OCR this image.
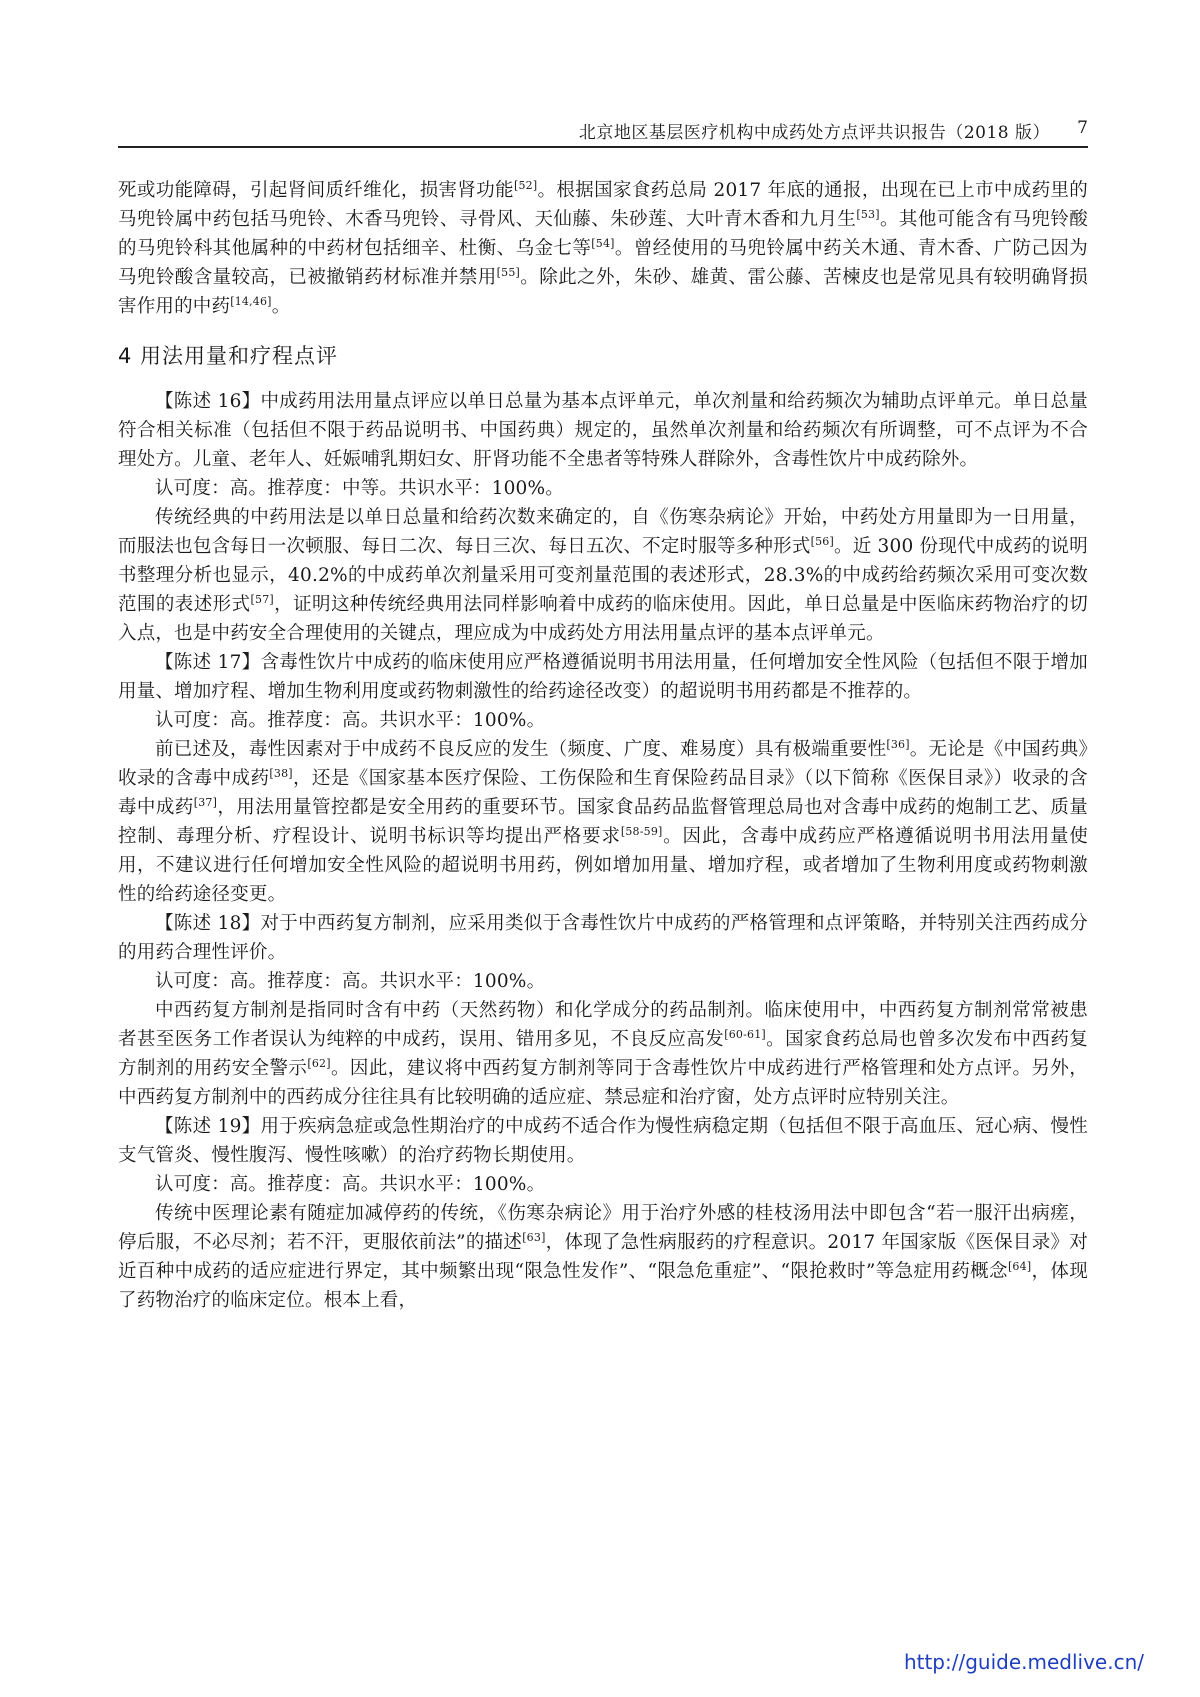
北京地区基层医疗机构中成药处方点评共识报告（2018 版） 7

死或功能障碍，引起肾间质纤维化，损害肾功能[52]。根据国家食药总局 2017 年底的通报，出现在已上市中成药里的马兜铃属中药包括马兜铃、木香马兜铃、寻骨风、天仙藤、朱砂莲、大叶青木香和九月生[53]。其他可能含有马兜铃酸的马兜铃科其他属种的中药材包括细辛、杜衡、乌金七等[54]。曾经使用的马兜铃属中药关木通、青木香、广防己因为马兜铃酸含量较高，已被撤销药材标准并禁用[55]。除此之外，朱砂、雄黄、雷公藤、苦楝皮也是常见具有较明确肾损害作用的中药[14,46]。

4 用法用量和疗程点评

【陈述 16】中成药用法用量点评应以单日总量为基本点评单元，单次剂量和给药频次为辅助点评单元。单日总量符合相关标准（包括但不限于药品说明书、中国药典）规定的，虽然单次剂量和给药频次有所调整，可不点评为不合理处方。儿童、老年人、妊娠哺乳期妇女、肝肾功能不全患者等特殊人群除外，含毒性饮片中成药除外。

认可度：高。推荐度：中等。共识水平：100%。

传统经典的中药用法是以单日总量和给药次数来确定的，自《伤寒杂病论》开始，中药处方用量即为一日用量，而服法也包含每日一次顿服、每日二次、每日三次、每日五次、不定时服等多种形式[56]。近 300 份现代中成药的说明书整理分析也显示，40.2%的中成药单次剂量采用可变剂量范围的表述形式，28.3%的中成药给药频次采用可变次数范围的表述形式[57]，证明这种传统经典用法同样影响着中成药的临床使用。因此，单日总量是中医临床药物治疗的切入点，也是中药安全合理使用的关键点，理应成为中成药处方用法用量点评的基本点评单元。

【陈述 17】含毒性饮片中成药的临床使用应严格遵循说明书用法用量，任何增加安全性风险（包括但不限于增加用量、增加疗程、增加生物利用度或药物刺激性的给药途径改变）的超说明书用药都是不推荐的。

认可度：高。推荐度：高。共识水平：100%。

前已述及，毒性因素对于中成药不良反应的发生（频度、广度、难易度）具有极端重要性[36]。无论是《中国药典》收录的含毒中成药[38]，还是《国家基本医疗保险、工伤保险和生育保险药品目录》（以下简称《医保目录》）收录的含毒中成药[37]，用法用量管控都是安全用药的重要环节。国家食品药品监督管理总局也对含毒中成药的炮制工艺、质量控制、毒理分析、疗程设计、说明书标识等均提出严格要求[58-59]。因此，含毒中成药应严格遵循说明书用法用量使用，不建议进行任何增加安全性风险的超说明书用药，例如增加用量、增加疗程，或者增加了生物利用度或药物刺激性的给药途径变更。

【陈述 18】对于中西药复方制剂，应采用类似于含毒性饮片中成药的严格管理和点评策略，并特别关注西药成分的用药合理性评价。

认可度：高。推荐度：高。共识水平：100%。

中西药复方制剂是指同时含有中药（天然药物）和化学成分的药品制剂。临床使用中，中西药复方制剂常常被患者甚至医务工作者误认为纯粹的中成药，误用、错用多见，不良反应高发[60-61]。国家食药总局也曾多次发布中西药复方制剂的用药安全警示[62]。因此，建议将中西药复方制剂等同于含毒性饮片中成药进行严格管理和处方点评。另外，中西药复方制剂中的西药成分往往具有比较明确的适应症、禁忌症和治疗窗，处方点评时应特别关注。

【陈述 19】用于疾病急症或急性期治疗的中成药不适合作为慢性病稳定期（包括但不限于高血压、冠心病、慢性支气管炎、慢性腹泻、慢性咳嗽）的治疗药物长期使用。

认可度：高。推荐度：高。共识水平：100%。

传统中医理论素有随症加减停药的传统，《伤寒杂病论》用于治疗外感的桂枝汤用法中即包含“若一服汗出病瘥，停后服，不必尽剂；若不汗，更服依前法”的描述[63]，体现了急性病服药的疗程意识。2017 年国家版《医保目录》对近百种中成药的适应症进行界定，其中频繁出现“限急性发作”、“限急危重症”、“限抢救时”等急症用药概念[64]，体现了药物治疗的临床定位。根本上看，

http://guide.medlive.cn/
